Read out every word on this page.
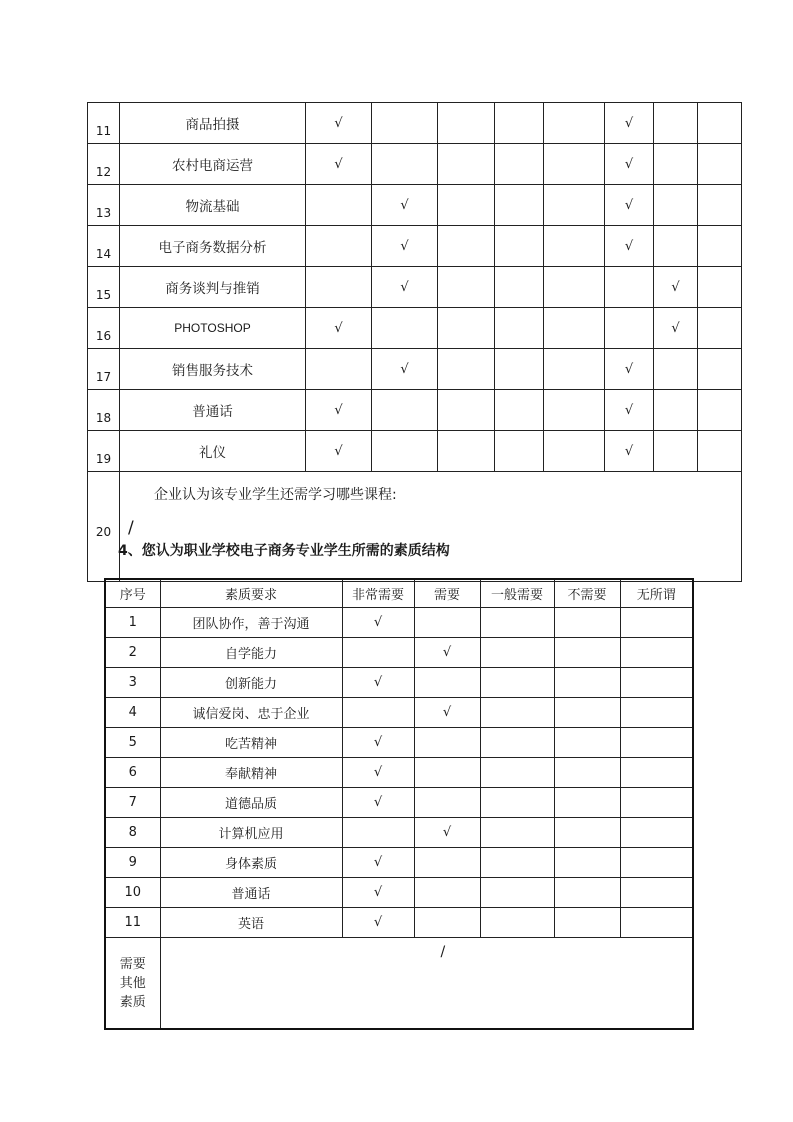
11	商品拍摄	√					√		
12	农村电商运营	√					√		
13	物流基础		√				√		
14	电子商务数据分析		√				√		
15	商务谈判与推销		√					√	
16	PHOTOSHOP	√						√	
17	销售服务技术		√				√		
18	普通话	√					√		
19	礼仪	√					√		
20	企业认为该专业学生还需学习哪些课程:
/								
4、您认为职业学校电子商务专业学生所需的素质结构
序号	素质要求	非常需要	需要	一般需要	不需要	无所谓
1	团队协作，善于沟通	√				
2	自学能力		√			
3	创新能力	√				
4	诚信爱岗、忠于企业		√			
5	吃苦精神	√				
6	奉献精神	√				
7	道德品质	√				
8	计算机应用		√			
9	身体素质	√				
10	普通话	√				
11	英语	√				
需要
其他
素质	/					
